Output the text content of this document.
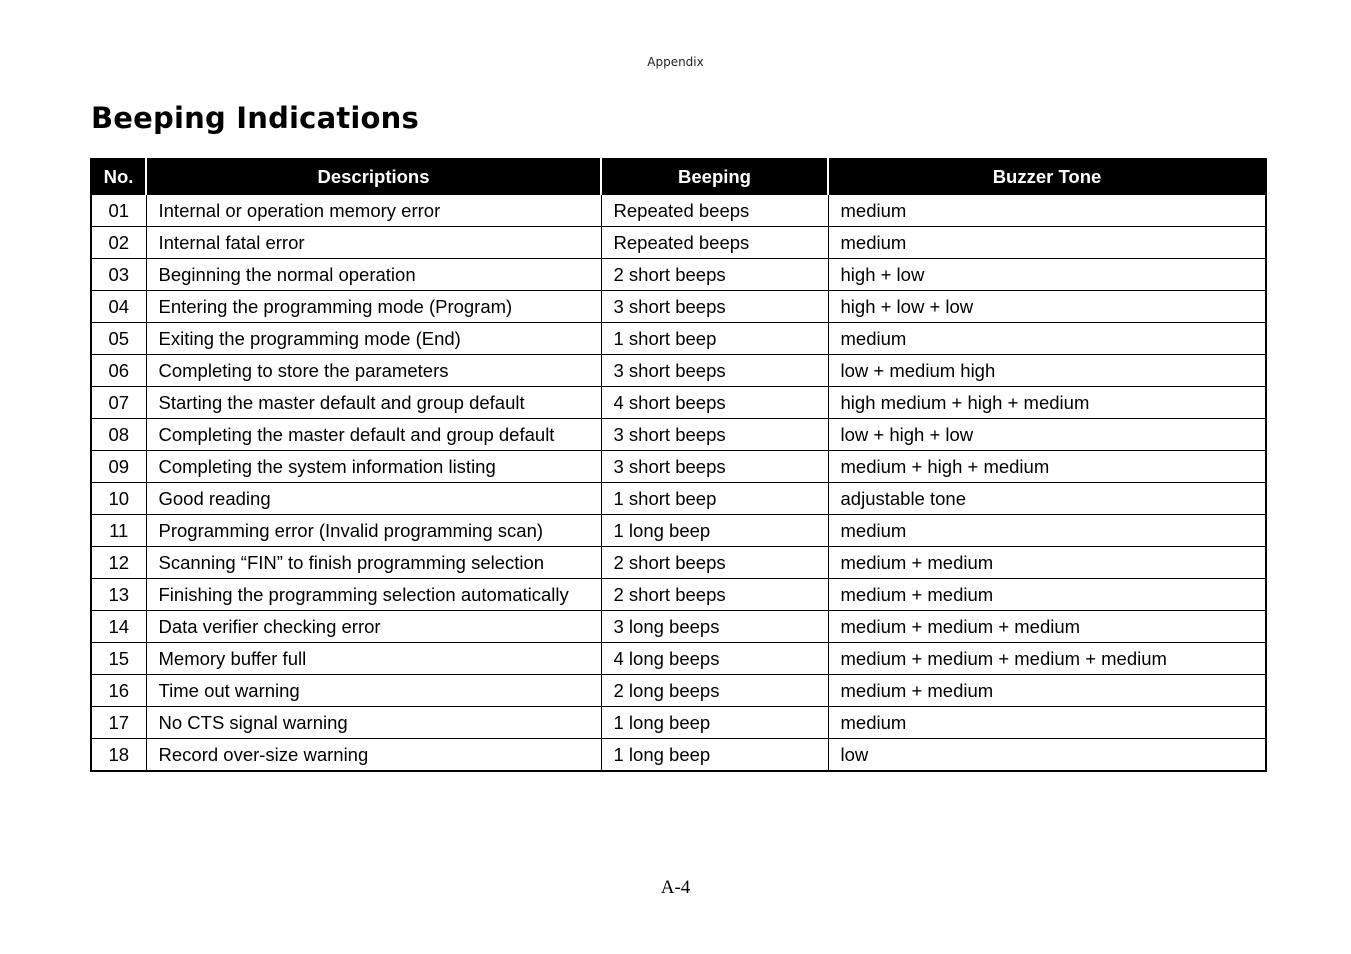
Appendix
Beeping Indications
No.	Descriptions	Beeping	Buzzer Tone
01	Internal or operation memory error	Repeated beeps	medium
02	Internal fatal error	Repeated beeps	medium
03	Beginning the normal operation	2 short beeps	high + low
04	Entering the programming mode (Program)	3 short beeps	high + low + low
05	Exiting the programming mode (End)	1 short beep	medium
06	Completing to store the parameters	3 short beeps	low + medium high
07	Starting the master default and group default	4 short beeps	high medium + high + medium
08	Completing the master default and group default	3 short beeps	low + high + low
09	Completing the system information listing	3 short beeps	medium + high + medium
10	Good reading	1 short beep	adjustable tone
11	Programming error (Invalid programming scan)	1 long beep	medium
12	Scanning “FIN” to finish programming selection	2 short beeps	medium + medium
13	Finishing the programming selection automatically	2 short beeps	medium + medium
14	Data verifier checking error	3 long beeps	medium + medium + medium
15	Memory buffer full	4 long beeps	medium + medium + medium + medium
16	Time out warning	2 long beeps	medium + medium
17	No CTS signal warning	1 long beep	medium
18	Record over-size warning	1 long beep	low
A-4
